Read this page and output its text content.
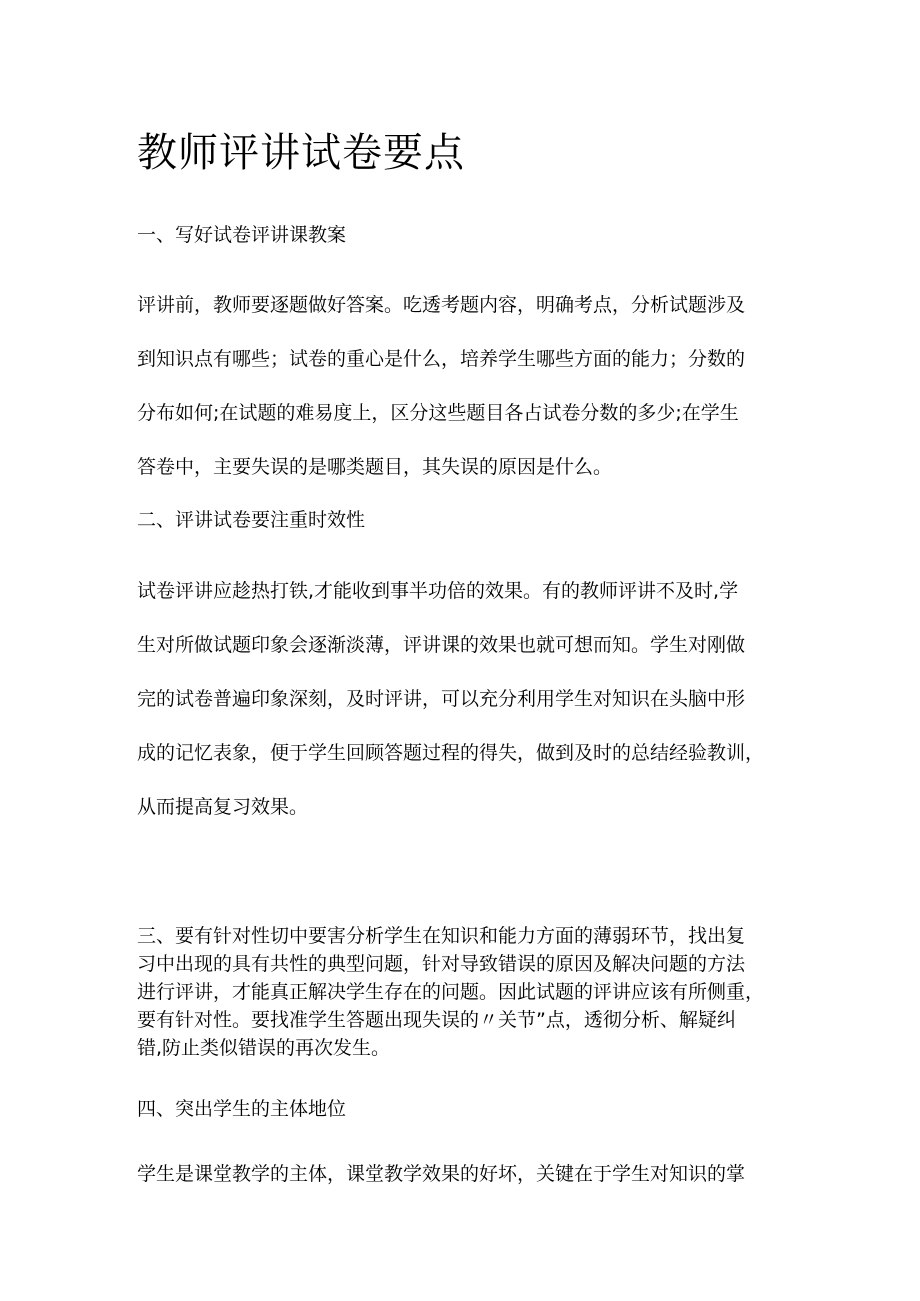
教师评讲试卷要点
一、写好试卷评讲课教案
评讲前，教师要逐题做好答案。吃透考题内容，明确考点，分析试题涉及
到知识点有哪些；试卷的重心是什么，培养学生哪些方面的能力；分数的
分布如何;在试题的难易度上，区分这些题目各占试卷分数的多少;在学生
答卷中，主要失误的是哪类题目，其失误的原因是什么。
二、评讲试卷要注重时效性
试卷评讲应趁热打铁,才能收到事半功倍的效果。有的教师评讲不及时,学
生对所做试题印象会逐渐淡薄，评讲课的效果也就可想而知。学生对刚做
完的试卷普遍印象深刻，及时评讲，可以充分利用学生对知识在头脑中形
成的记忆表象，便于学生回顾答题过程的得失，做到及时的总结经验教训，
从而提高复习效果。
三、要有针对性切中要害分析学生在知识和能力方面的薄弱环节，找出复
习中出现的具有共性的典型问题，针对导致错误的原因及解决问题的方法
进行评讲，才能真正解决学生存在的问题。因此试题的评讲应该有所侧重，
要有针对性。要找准学生答题出现失误的〃关节”点，透彻分析、解疑纠
错,防止类似错误的再次发生。
四、突出学生的主体地位
学生是课堂教学的主体，课堂教学效果的好坏，关键在于学生对知识的掌
